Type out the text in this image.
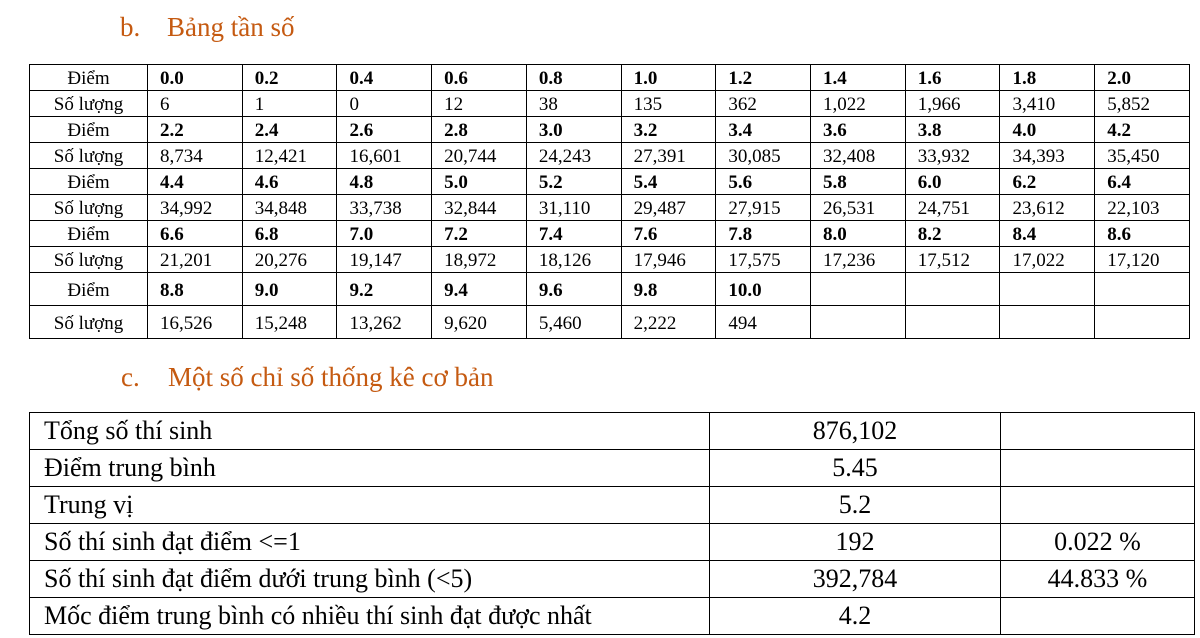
b. Bảng tần số
Điểm	0.0	0.2	0.4	0.6	0.8	1.0	1.2	1.4	1.6	1.8	2.0
Số lượng	6	1	0	12	38	135	362	1,022	1,966	3,410	5,852
Điểm	2.2	2.4	2.6	2.8	3.0	3.2	3.4	3.6	3.8	4.0	4.2
Số lượng	8,734	12,421	16,601	20,744	24,243	27,391	30,085	32,408	33,932	34,393	35,450
Điểm	4.4	4.6	4.8	5.0	5.2	5.4	5.6	5.8	6.0	6.2	6.4
Số lượng	34,992	34,848	33,738	32,844	31,110	29,487	27,915	26,531	24,751	23,612	22,103
Điểm	6.6	6.8	7.0	7.2	7.4	7.6	7.8	8.0	8.2	8.4	8.6
Số lượng	21,201	20,276	19,147	18,972	18,126	17,946	17,575	17,236	17,512	17,022	17,120
Điểm	8.8	9.0	9.2	9.4	9.6	9.8	10.0				
Số lượng	16,526	15,248	13,262	9,620	5,460	2,222	494				
c. Một số chỉ số thống kê cơ bản
Tổng số thí sinh	876,102	
Điểm trung bình	5.45	
Trung vị	5.2	
Số thí sinh đạt điểm <=1	192	0.022 %
Số thí sinh đạt điểm dưới trung bình (<5)	392,784	44.833 %
Mốc điểm trung bình có nhiều thí sinh đạt được nhất	4.2	
